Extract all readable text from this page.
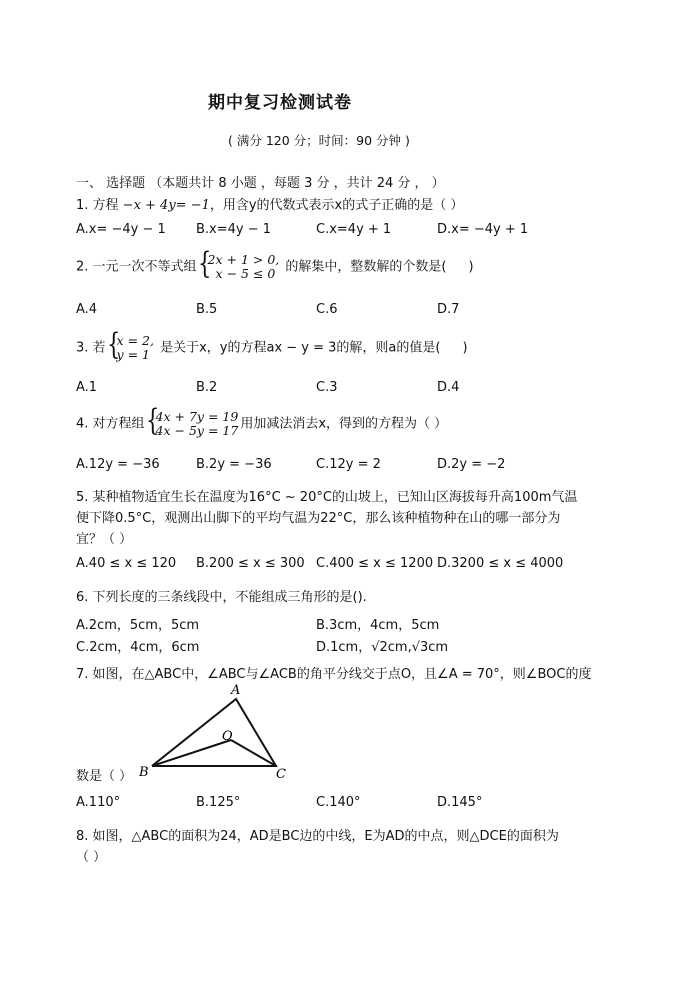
期中复习检测试卷
( 满分 120 分；时间：90 分钟 )
一、 选择题 （本题共计 8 小题 ，每题 3 分 ，共计 24 分 ， ）
1. 方程 −x + 4y= −1，用含y的代数式表示x的式子正确的是（ ）
A.x= −4y − 1 B.x=4y − 1	C.x=4y + 1	D.x= −4y + 1
2. 一元一次不等式组 { 2x + 1 > 0,
x − 5 ≤ 0 的解集中，整数解的个数是( )
A.4	B.5	C.6	D.7
3. 若 { x = 2,
y = 1 是关于x，y的方程ax − y = 3的解，则a的值是( )
A.1	B.2	C.3	D.4
4. 对方程组 { 4x + 7y = 19
4x − 5y = 17 用加减法消去x，得到的方程为（ ）
A.12y = −36	B.2y = −36	C.12y = 2	D.2y = −2
5. 某种植物适宜生长在温度为16°C ~ 20°C的山坡上，已知山区海拔每升高100m气温
便下降0.5°C，观测出山脚下的平均气温为22°C，那么该种植物种在山的哪一部分为
宜？（ ）
A.40 ≤ x ≤ 120 B.200 ≤ x ≤ 300 C.400 ≤ x ≤ 1200 D.3200 ≤ x ≤ 4000
6. 下列长度的三条线段中，不能组成三角形的是().
A.2cm，5cm，5cm	B.3cm，4cm，5cm
C.2cm，4cm，6cm	D.1cm，√2cm,√3cm
7. 如图，在△ABC中，∠ABC与∠ACB的角平分线交于点O，且∠A = 70°，则∠BOC的度
A
B	C
O
数是（ ）
A.110°	B.125°	C.140°	D.145°
8. 如图，△ABC的面积为24，AD是BC边的中线，E为AD的中点，则△DCE的面积为
（ ）
